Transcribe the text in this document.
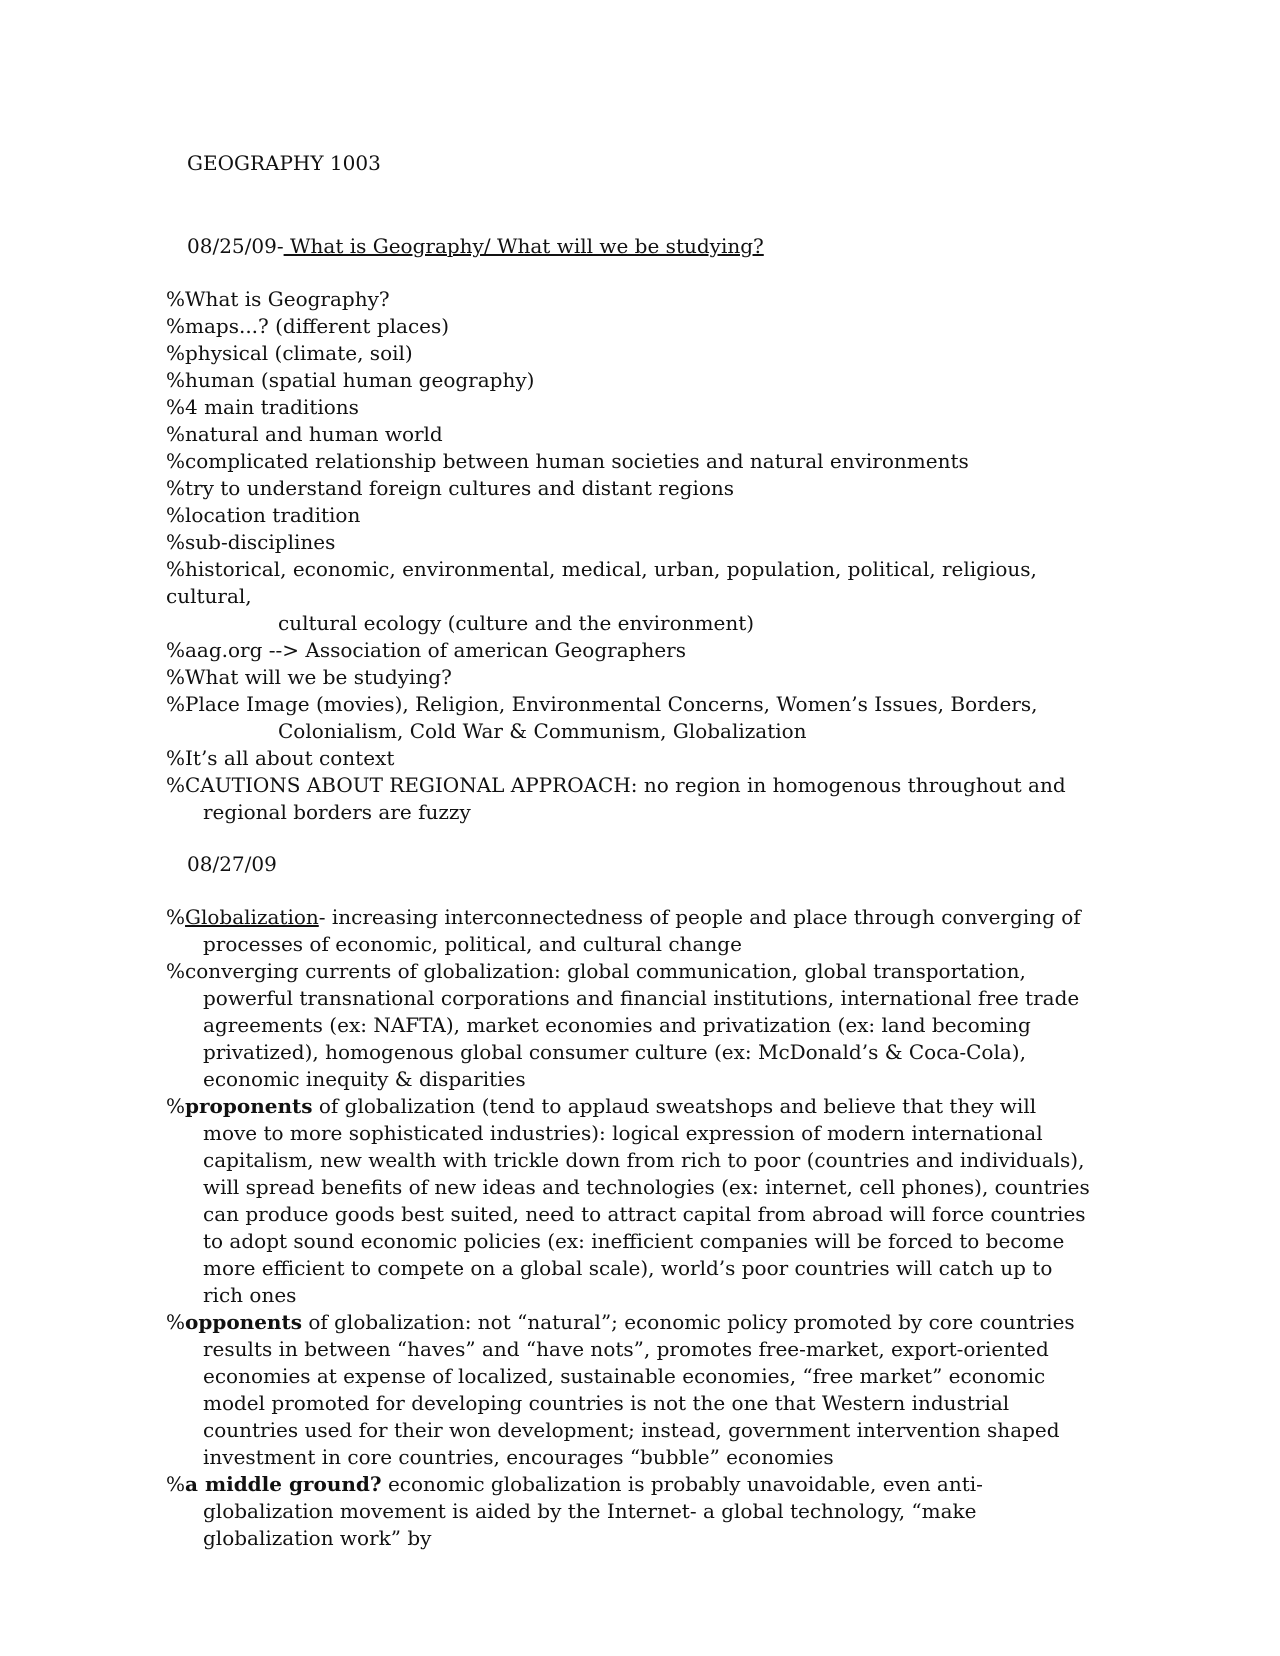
GEOGRAPHY 1003
08/25/09- What is Geography/ What will we be studying?

%What is Geography?

%maps...? (different places)

%physical (climate, soil)

%human (spatial human geography)

%4 main traditions

%natural and human world

%complicated relationship between human societies and natural environments

%try to understand foreign cultures and distant regions

%location tradition

%sub-disciplines

%historical, economic, environmental, medical, urban, population, political, religious, cultural,

cultural ecology (culture and the environment)

%aag.org --> Association of american Geographers

%What will we be studying?

%Place Image (movies), Religion, Environmental Concerns, Women’s Issues, Borders,

Colonialism, Cold War & Communism, Globalization

%It’s all about context

%CAUTIONS ABOUT REGIONAL APPROACH: no region in homogenous throughout and regional borders are fuzzy

08/27/09

%Globalization- increasing interconnectedness of people and place through converging of processes of economic, political, and cultural change

%converging currents of globalization: global communication, global transportation, powerful transnational corporations and financial institutions, international free trade agreements (ex: NAFTA), market economies and privatization (ex: land becoming privatized), homogenous global consumer culture (ex: McDonald’s & Coca-Cola), economic inequity & disparities

%proponents of globalization (tend to applaud sweatshops and believe that they will move to more sophisticated industries): logical expression of modern international capitalism, new wealth with trickle down from rich to poor (countries and individuals), will spread benefits of new ideas and technologies (ex: internet, cell phones), countries can produce goods best suited, need to attract capital from abroad will force countries to adopt sound economic policies (ex: inefficient companies will be forced to become more efficient to compete on a global scale), world’s poor countries will catch up to rich ones

%opponents of globalization: not “natural”; economic policy promoted by core countries results in between “haves” and “have nots”, promotes free-market, export-oriented economies at expense of localized, sustainable economies, “free market” economic model promoted for developing countries is not the one that Western industrial countries used for their won development; instead, government intervention shaped investment in core countries, encourages “bubble” economies

%a middle ground? economic globalization is probably unavoidable, even anti-globalization movement is aided by the Internet- a global technology, “make globalization work” by
